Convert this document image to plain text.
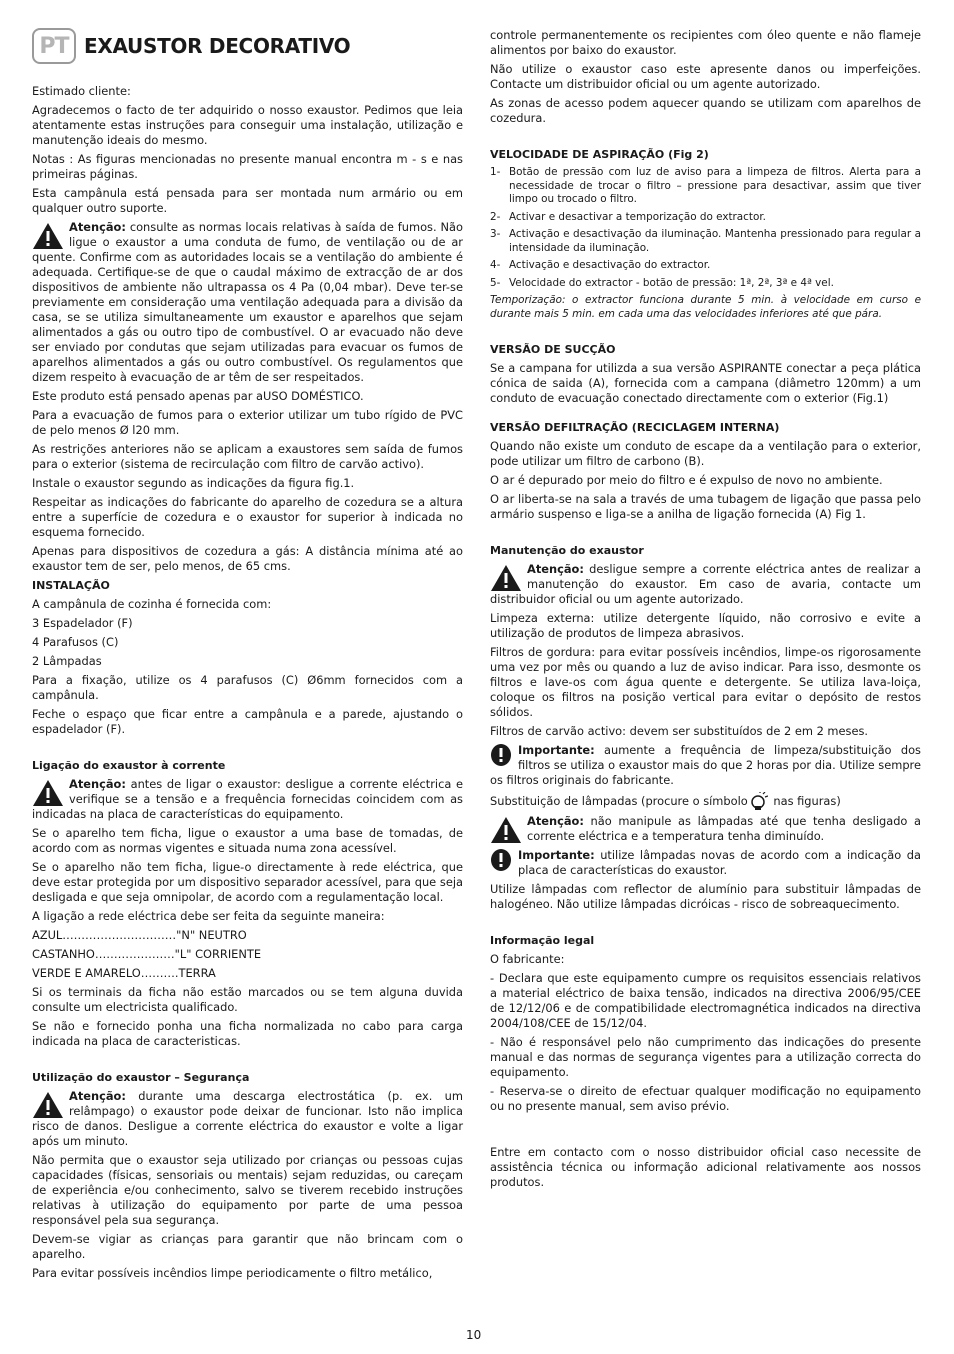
PT EXAUSTOR DECORATIVO

Estimado cliente:

Agradecemos o facto de ter adquirido o nosso exaustor. Pedimos que leia atentamente estas instruções para conseguir uma instalação, utilização e manutenção ideais do mesmo.

Notas : As figuras mencionadas no presente manual encontra m - s e nas primeiras páginas.

Esta campânula está pensada para ser montada num armário ou em qualquer outro suporte.

Atenção: consulte as normas locais relativas à saída de fumos. Não ligue o exaustor a uma conduta de fumo, de ventilação ou de ar quente. Confirme com as autoridades locais se a ventilação do ambiente é adequada. Certifique-se de que o caudal máximo de extracção de ar dos dispositivos de ambiente não ultrapassa os 4 Pa (0,04 mbar). Deve ter-se previamente em consideração uma ventilação adequada para a divisão da casa, se se utiliza simultaneamente um exaustor e aparelhos que sejam alimentados a gás ou outro tipo de combustível. O ar evacuado não deve ser enviado por condutas que sejam utilizadas para evacuar os fumos de aparelhos alimentados a gás ou outro combustível. Os regulamentos que dizem respeito à evacuação de ar têm de ser respeitados.

Este produto está pensado apenas par aUSO DOMÉSTICO.

Para a evacuação de fumos para o exterior utilizar um tubo rígido de PVC de pelo menos Ø l20 mm.

As restrições anteriores não se aplicam a exaustores sem saída de fumos para o exterior (sistema de recirculação com filtro de carvão activo).

Instale o exaustor segundo as indicações da figura fig.1.

Respeitar as indicações do fabricante do aparelho de cozedura se a altura entre a superfície de cozedura e o exaustor for superior à indicada no esquema fornecido.

Apenas para dispositivos de cozedura a gás: A distância mínima até ao exaustor tem de ser, pelo menos, de 65 cms.

INSTALAÇÃO

A campânula de cozinha é fornecida com:

3 Espadelador (F)

4 Parafusos (C)

2 Lâmpadas

Para a fixação, utilize os 4 parafusos (C) Ø6mm fornecidos com a campânula.

Feche o espaço que ficar entre a campânula e a parede, ajustando o espadelador (F).

Ligação do exaustor à corrente
Atenção: antes de ligar o exaustor: desligue a corrente eléctrica e verifique se a tensão e a frequência fornecidas coincidem com as indicadas na placa de características do equipamento.

Se o aparelho tem ficha, ligue o exaustor a uma base de tomadas, de acordo com as normas vigentes e situada numa zona acessível.

Se o aparelho não tem ficha, ligue-o directamente à rede eléctrica, que deve estar protegida por um dispositivo separador acessível, para que seja desligada e que seja omnipolar, de acordo com a regulamentação local.

A ligação a rede eléctrica debe ser feita da seguinte maneira:

AZUL…………………………"N" NEUTRO

CASTANHO…………………"L" CORRIENTE

VERDE E AMARELO……….TERRA

Si os terminais da ficha não estão marcados ou se tem alguna duvida consulte um electricista qualificado.

Se não e fornecido ponha una ficha normalizada no cabo para carga indicada na placa de caracteristicas.

Utilização do exaustor – Segurança
Atenção: durante uma descarga electrostática (p. ex. um relâmpago) o exaustor pode deixar de funcionar. Isto não implica risco de danos. Desligue a corrente eléctrica do exaustor e volte a ligar após um minuto.

Não permita que o exaustor seja utilizado por crianças ou pessoas cujas capacidades (físicas, sensoriais ou mentais) sejam reduzidas, ou careçam de experiência e/ou conhecimento, salvo se tiverem recebido instruções relativas à utilização do equipamento por parte de uma pessoa responsável pela sua segurança.

Devem-se vigiar as crianças para garantir que não brincam com o aparelho.

Para evitar possíveis incêndios limpe periodicamente o filtro metálico,

controle permanentemente os recipientes com óleo quente e não flameje alimentos por baixo do exaustor.

Não utilize o exaustor caso este apresente danos ou imperfeições. Contacte um distribuidor oficial ou um agente autorizado.

As zonas de acesso podem aquecer quando se utilizam com aparelhos de cozedura.

VELOCIDADE DE ASPIRAÇÃO (Fig 2)
1- Botão de pressão com luz de aviso para a limpeza de filtros. Alerta para a necessidade de trocar o filtro – pressione para desactivar, assim que tiver limpo ou trocado o filtro.
2- Activar e desactivar a temporização do extractor.
3- Activação e desactivação da iluminação. Mantenha pressionado para regular a intensidade da iluminação.
4- Activação e desactivação do extractor.
5- Velocidade do extractor - botão de pressão: 1ª, 2ª, 3ª e 4ª vel.
Temporização: o extractor funciona durante 5 min. à velocidade em curso e durante mais 5 min. em cada uma das velocidades inferiores até que pára.
VERSÃO DE SUCÇÃO

Se a campana for utilizda a sua versão ASPIRANTE conectar a peça plática cónica de saida (A), fornecida com a campana (diâmetro 120mm) a um conduto de evacuação conectado directamente com o exterior (Fig.1)

VERSÃO DEFILTRAÇÃO (RECICLAGEM INTERNA)

Quando não existe um conduto de escape da a ventilação para o exterior, pode utilizar um filtro de carbono (B).

O ar é depurado por meio do filtro e é expulso de novo no ambiente.

O ar liberta-se na sala a través de uma tubagem de ligação que passa pelo armário suspenso e liga-se a anilha de ligação fornecida (A) Fig 1.

Manutenção do exaustor
Atenção: desligue sempre a corrente eléctrica antes de realizar a manutenção do exaustor. Em caso de avaria, contacte um distribuidor oficial ou um agente autorizado.

Limpeza externa: utilize detergente líquido, não corrosivo e evite a utilização de produtos de limpeza abrasivos.

Filtros de gordura: para evitar possíveis incêndios, limpe-os rigorosamente uma vez por mês ou quando a luz de aviso indicar. Para isso, desmonte os filtros e lave-os com água quente e detergente. Se utiliza lava-loiça, coloque os filtros na posição vertical para evitar o depósito de restos sólidos.

Filtros de carvão activo: devem ser substituídos de 2 em 2 meses.

Importante: aumente a frequência de limpeza/substituição dos filtros se utiliza o exaustor mais do que 2 horas por dia. Utilize sempre os filtros originais do fabricante.

Substituição de lâmpadas (procure o símbolo nas figuras)

Atenção: não manipule as lâmpadas até que tenha desligado a corrente eléctrica e a temperatura tenha diminuído.
Importante: utilize lâmpadas novas de acordo com a indicação da placa de características do exaustor.

Utilize lâmpadas com reflector de alumínio para substituir lâmpadas de halogéneo. Não utilize lâmpadas dicróicas - risco de sobreaquecimento.

Informação legal

O fabricante:

- Declara que este equipamento cumpre os requisitos essenciais relativos a material eléctrico de baixa tensão, indicados na directiva 2006/95/CEE de 12/12/06 e de compatibilidade electromagnética indicados na directiva 2004/108/CEE de 15/12/04.

- Não é responsável pelo não cumprimento das indicações do presente manual e das normas de segurança vigentes para a utilização correcta do equipamento.

- Reserva-se o direito de efectuar qualquer modificação no equipamento ou no presente manual, sem aviso prévio.

Entre em contacto com o nosso distribuidor oficial caso necessite de assistência técnica ou informação adicional relativamente aos nossos produtos.

10
